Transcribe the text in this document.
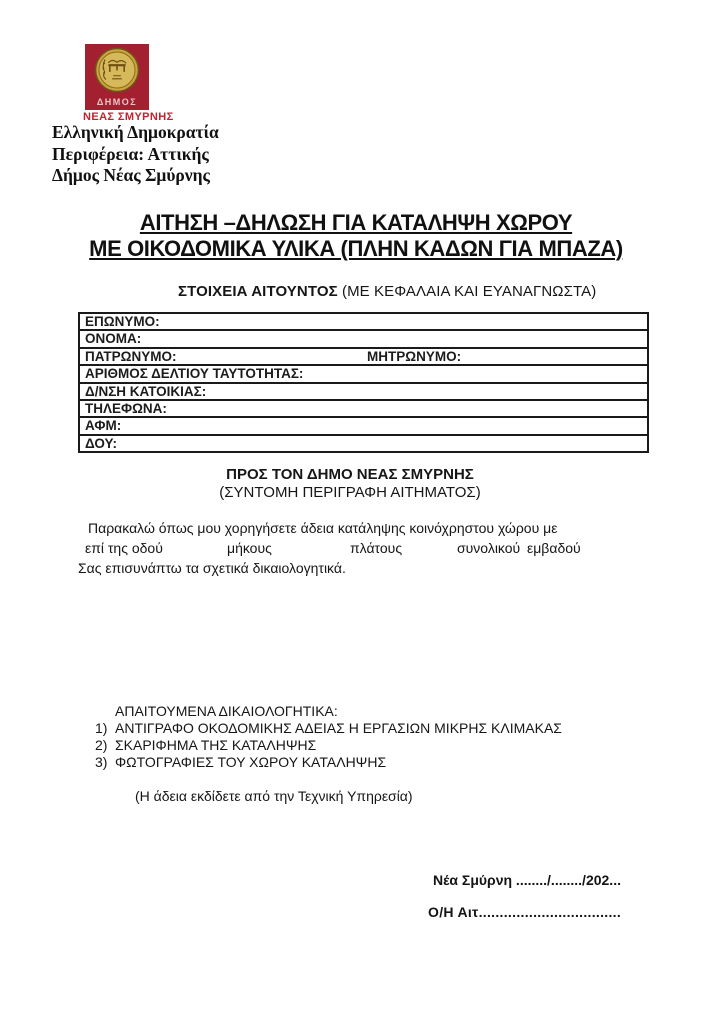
ΔΗΜΟΣ
ΝΕΑΣ ΣΜΥΡΝΗΣ
Ελληνική Δημοκρατία
Περιφέρεια: Αττικής
Δήμος Νέας Σμύρνης
ΑΙΤΗΣΗ –ΔΗΛΩΣΗ ΓΙΑ ΚΑΤΑΛΗΨΗ ΧΩΡΟΥ
ΜΕ ΟΙΚΟΔΟΜΙΚΑ ΥΛΙΚΑ (ΠΛΗΝ ΚΑΔΩΝ ΓΙΑ ΜΠΑΖΑ)
ΣΤΟΙΧΕΙΑ ΑΙΤΟΥΝΤΟΣ (ΜΕ ΚΕΦΑΛΑΙΑ ΚΑΙ ΕΥΑΝΑΓΝΩΣΤΑ)
ΕΠΩΝΥΜΟ:
ΟΝΟΜΑ:
ΠΑΤΡΩΝΥΜΟ:	ΜΗΤΡΩΝΥΜΟ:
ΑΡΙΘΜΟΣ ΔΕΛΤΙΟΥ ΤΑΥΤΟΤΗΤΑΣ:
Δ/ΝΣΗ ΚΑΤΟΙΚΙΑΣ:
ΤΗΛΕΦΩΝΑ:
ΑΦΜ:
ΔΟΥ:
ΠΡΟΣ ΤΟΝ ΔΗΜΟ ΝΕΑΣ ΣΜΥΡΝΗΣ
(ΣΥΝΤΟΜΗ ΠΕΡΙΓΡΑΦΗ ΑΙΤΗΜΑΤΟΣ)
Παρακαλώ όπως μου χορηγήσετε άδεια κατάληψης κοινόχρηστου χώρου με
επί της οδού	μήκους	πλάτους	συνολικού εμβαδού
Σας επισυνάπτω τα σχετικά δικαιολογητικά.
ΑΠΑΙΤΟΥΜΕΝΑ ΔΙΚΑΙΟΛΟΓΗΤΙΚΑ:
1) ΑΝΤΙΓΡΑΦΟ ΟΚΟΔΟΜΙΚΗΣ ΑΔΕΙΑΣ Η ΕΡΓΑΣΙΩΝ ΜΙΚΡΗΣ ΚΛΙΜΑΚΑΣ
2) ΣΚΑΡΙΦΗΜΑ ΤΗΣ ΚΑΤΑΛΗΨΗΣ
3) ΦΩΤΟΓΡΑΦΙΕΣ ΤΟΥ ΧΩΡΟΥ ΚΑΤΑΛΗΨΗΣ
(Η άδεια εκδίδετε από την Τεχνική Υπηρεσία)
Νέα Σμύρνη ......../......../202...
Ο/Η Αιτ..................................
